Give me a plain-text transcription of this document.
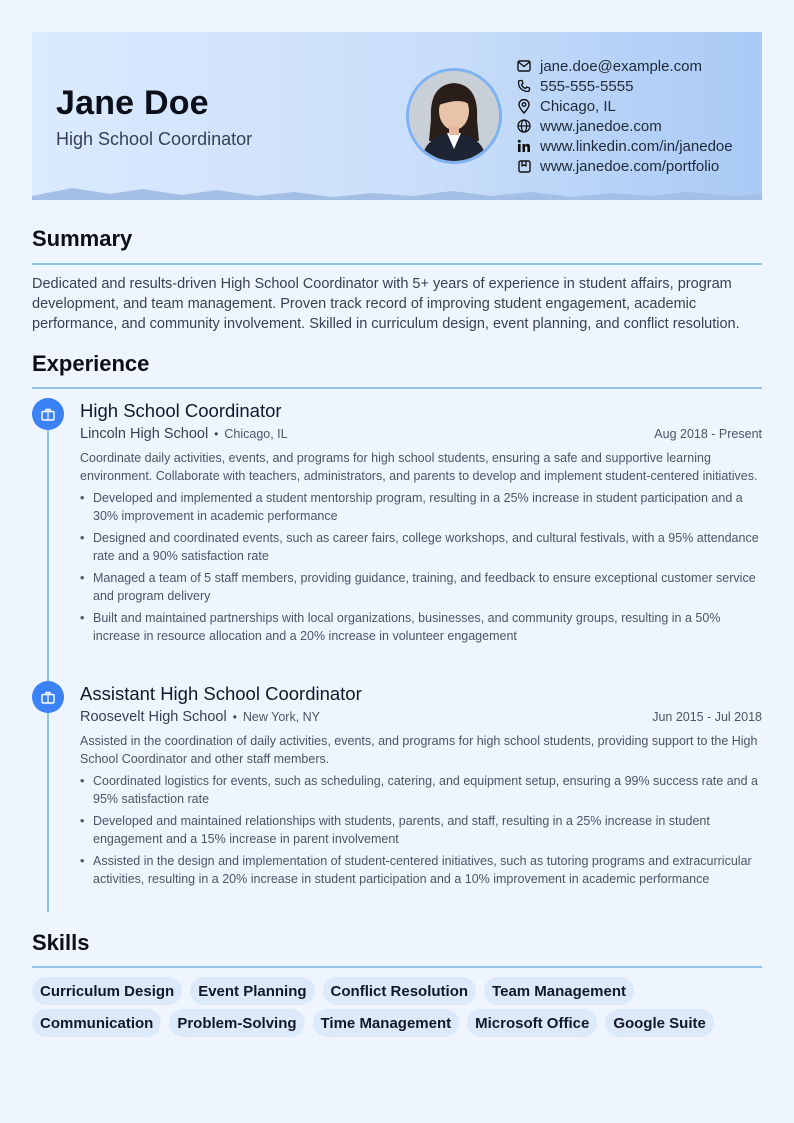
Jane Doe
High School Coordinator
jane.doe@example.com
555-555-5555
Chicago, IL
www.janedoe.com
www.linkedin.com/in/janedoe
www.janedoe.com/portfolio
Summary
Dedicated and results-driven High School Coordinator with 5+ years of experience in student affairs, program development, and team management. Proven track record of improving student engagement, academic performance, and community involvement. Skilled in curriculum design, event planning, and conflict resolution.
Experience
High School Coordinator
Lincoln High School • Chicago, IL	Aug 2018 - Present
Coordinate daily activities, events, and programs for high school students, ensuring a safe and supportive learning environment. Collaborate with teachers, administrators, and parents to develop and implement student-centered initiatives.
• Developed and implemented a student mentorship program, resulting in a 25% increase in student participation and a 30% improvement in academic performance
• Designed and coordinated events, such as career fairs, college workshops, and cultural festivals, with a 95% attendance rate and a 90% satisfaction rate
• Managed a team of 5 staff members, providing guidance, training, and feedback to ensure exceptional customer service and program delivery
• Built and maintained partnerships with local organizations, businesses, and community groups, resulting in a 50% increase in resource allocation and a 20% increase in volunteer engagement
Assistant High School Coordinator
Roosevelt High School • New York, NY	Jun 2015 - Jul 2018
Assisted in the coordination of daily activities, events, and programs for high school students, providing support to the High School Coordinator and other staff members.
• Coordinated logistics for events, such as scheduling, catering, and equipment setup, ensuring a 99% success rate and a 95% satisfaction rate
• Developed and maintained relationships with students, parents, and staff, resulting in a 25% increase in student engagement and a 15% increase in parent involvement
• Assisted in the design and implementation of student-centered initiatives, such as tutoring programs and extracurricular activities, resulting in a 20% increase in student participation and a 10% improvement in academic performance
Skills
Curriculum Design	Event Planning	Conflict Resolution	Team Management
Communication	Problem-Solving	Time Management	Microsoft Office	Google Suite
